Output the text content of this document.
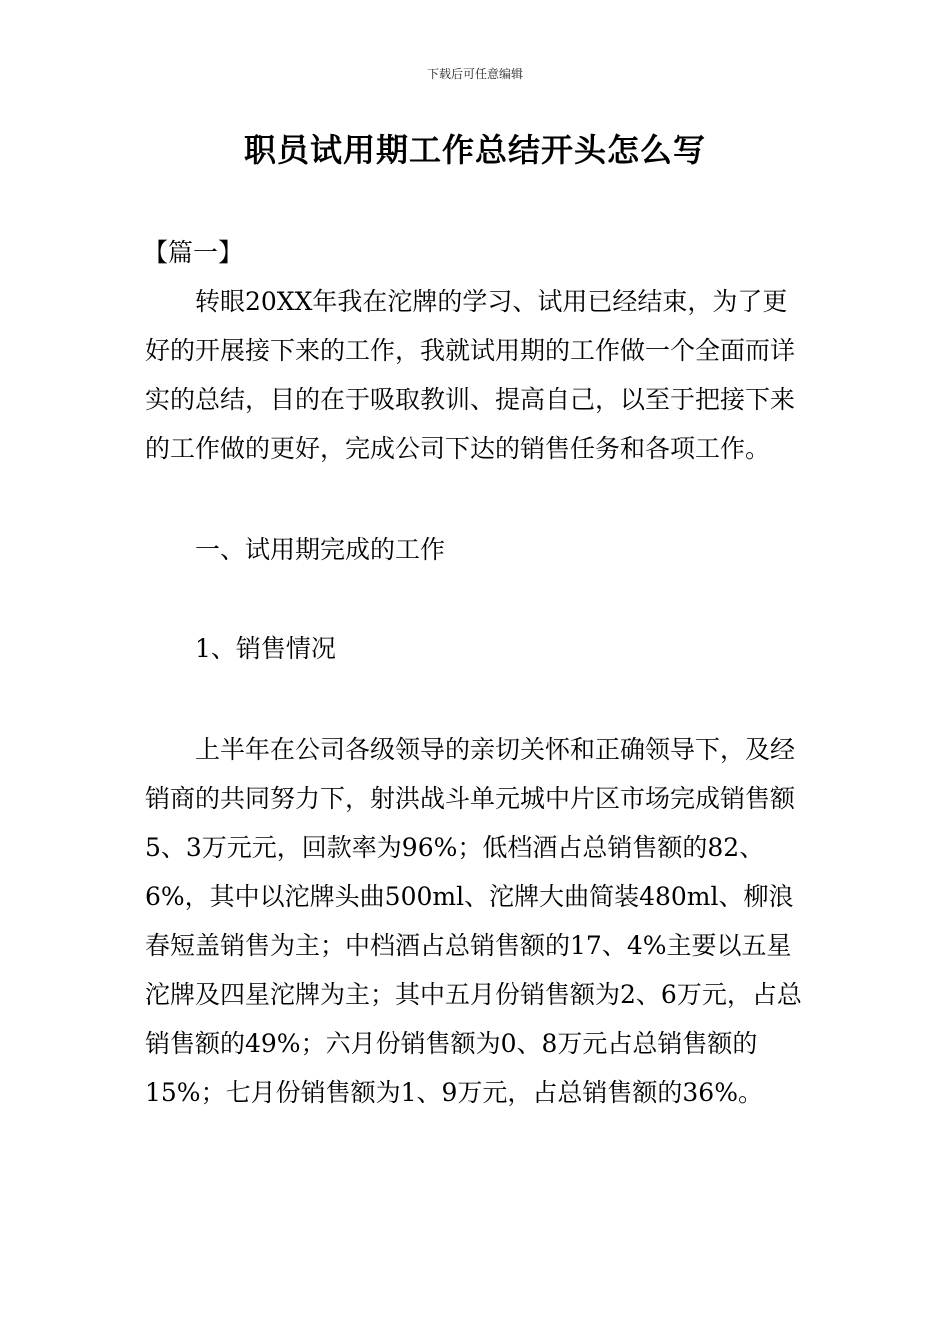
下载后可任意编辑
职员试用期工作总结开头怎么写

【篇一】

转眼20XX年我在沱牌的学习、试用已经结束，为了更好的开展接下来的工作，我就试用期的工作做一个全面而详实的总结，目的在于吸取教训、提高自己，以至于把接下来的工作做的更好，完成公司下达的销售任务和各项工作。

一、试用期完成的工作

1、销售情况

上半年在公司各级领导的亲切关怀和正确领导下，及经销商的共同努力下，射洪战斗单元城中片区市场完成销售额5、3万元元，回款率为96%；低档酒占总销售额的82、6%，其中以沱牌头曲500ml、沱牌大曲简装480ml、柳浪春短盖销售为主；中档酒占总销售额的17、4%主要以五星沱牌及四星沱牌为主；其中五月份销售额为2、6万元，占总销售额的49%；六月份销售额为0、8万元占总销售额的15%；七月份销售额为1、9万元，占总销售额的36%。
